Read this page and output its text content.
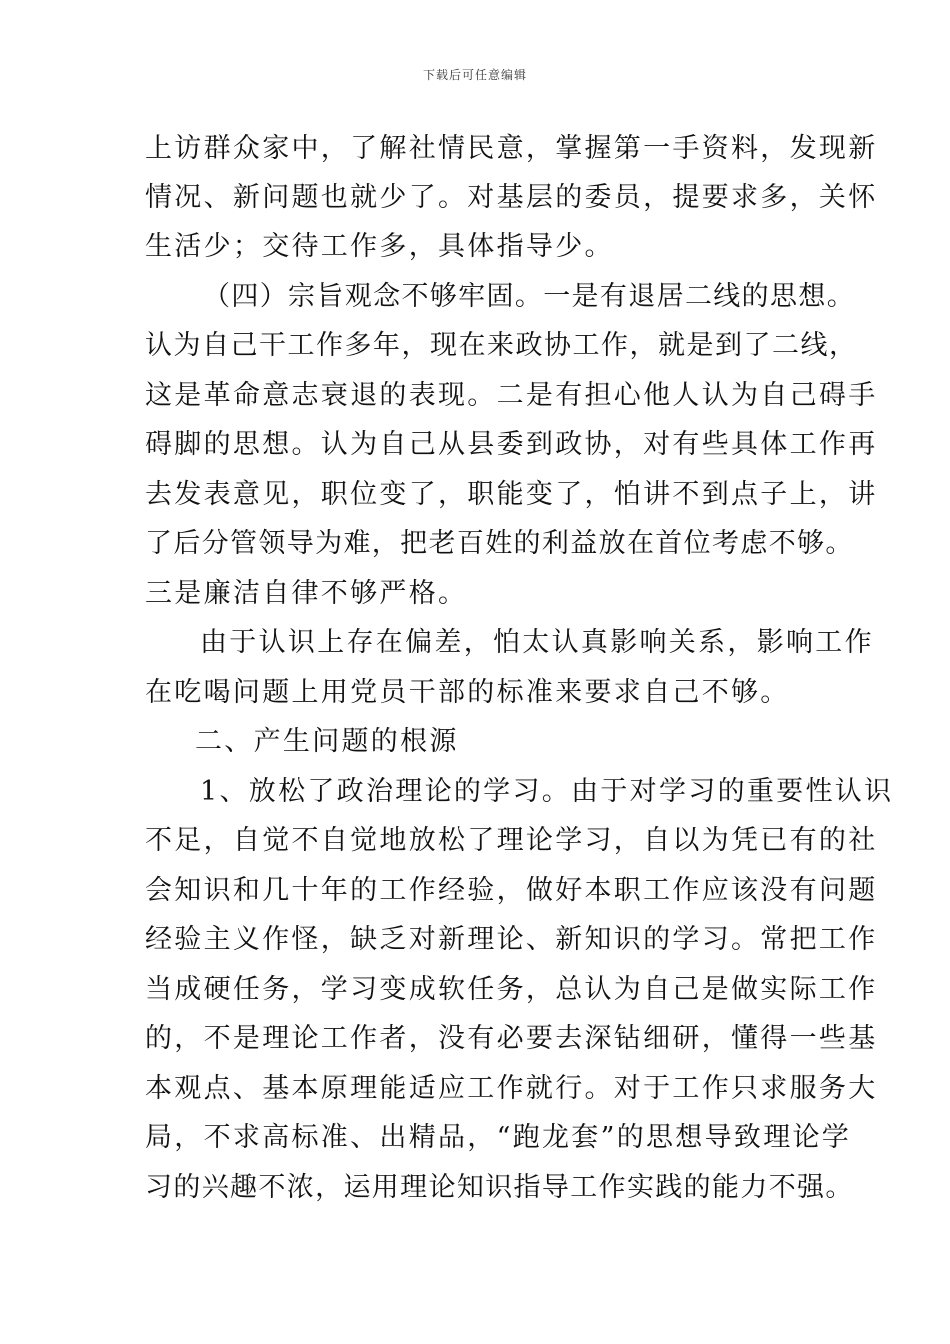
下载后可任意编辑
上访群众家中，了解社情民意，掌握第一手资料，发现新
情况、新问题也就少了。对基层的委员，提要求多，关怀
生活少；交待工作多，具体指导少。
（四）宗旨观念不够牢固。一是有退居二线的思想。
认为自己干工作多年，现在来政协工作，就是到了二线，
这是革命意志衰退的表现。二是有担心他人认为自己碍手
碍脚的思想。认为自己从县委到政协，对有些具体工作再
去发表意见，职位变了，职能变了，怕讲不到点子上，讲
了后分管领导为难，把老百姓的利益放在首位考虑不够。
三是廉洁自律不够严格。
由于认识上存在偏差，怕太认真影响关系，影响工作
在吃喝问题上用党员干部的标准来要求自己不够。
二、产生问题的根源
1、放松了政治理论的学习。由于对学习的重要性认识
不足，自觉不自觉地放松了理论学习，自以为凭已有的社
会知识和几十年的工作经验，做好本职工作应该没有问题
经验主义作怪，缺乏对新理论、新知识的学习。常把工作
当成硬任务，学习变成软任务，总认为自己是做实际工作
的，不是理论工作者，没有必要去深钻细研，懂得一些基
本观点、基本原理能适应工作就行。对于工作只求服务大
局，不求高标准、出精品，“跑龙套”的思想导致理论学
习的兴趣不浓，运用理论知识指导工作实践的能力不强。
